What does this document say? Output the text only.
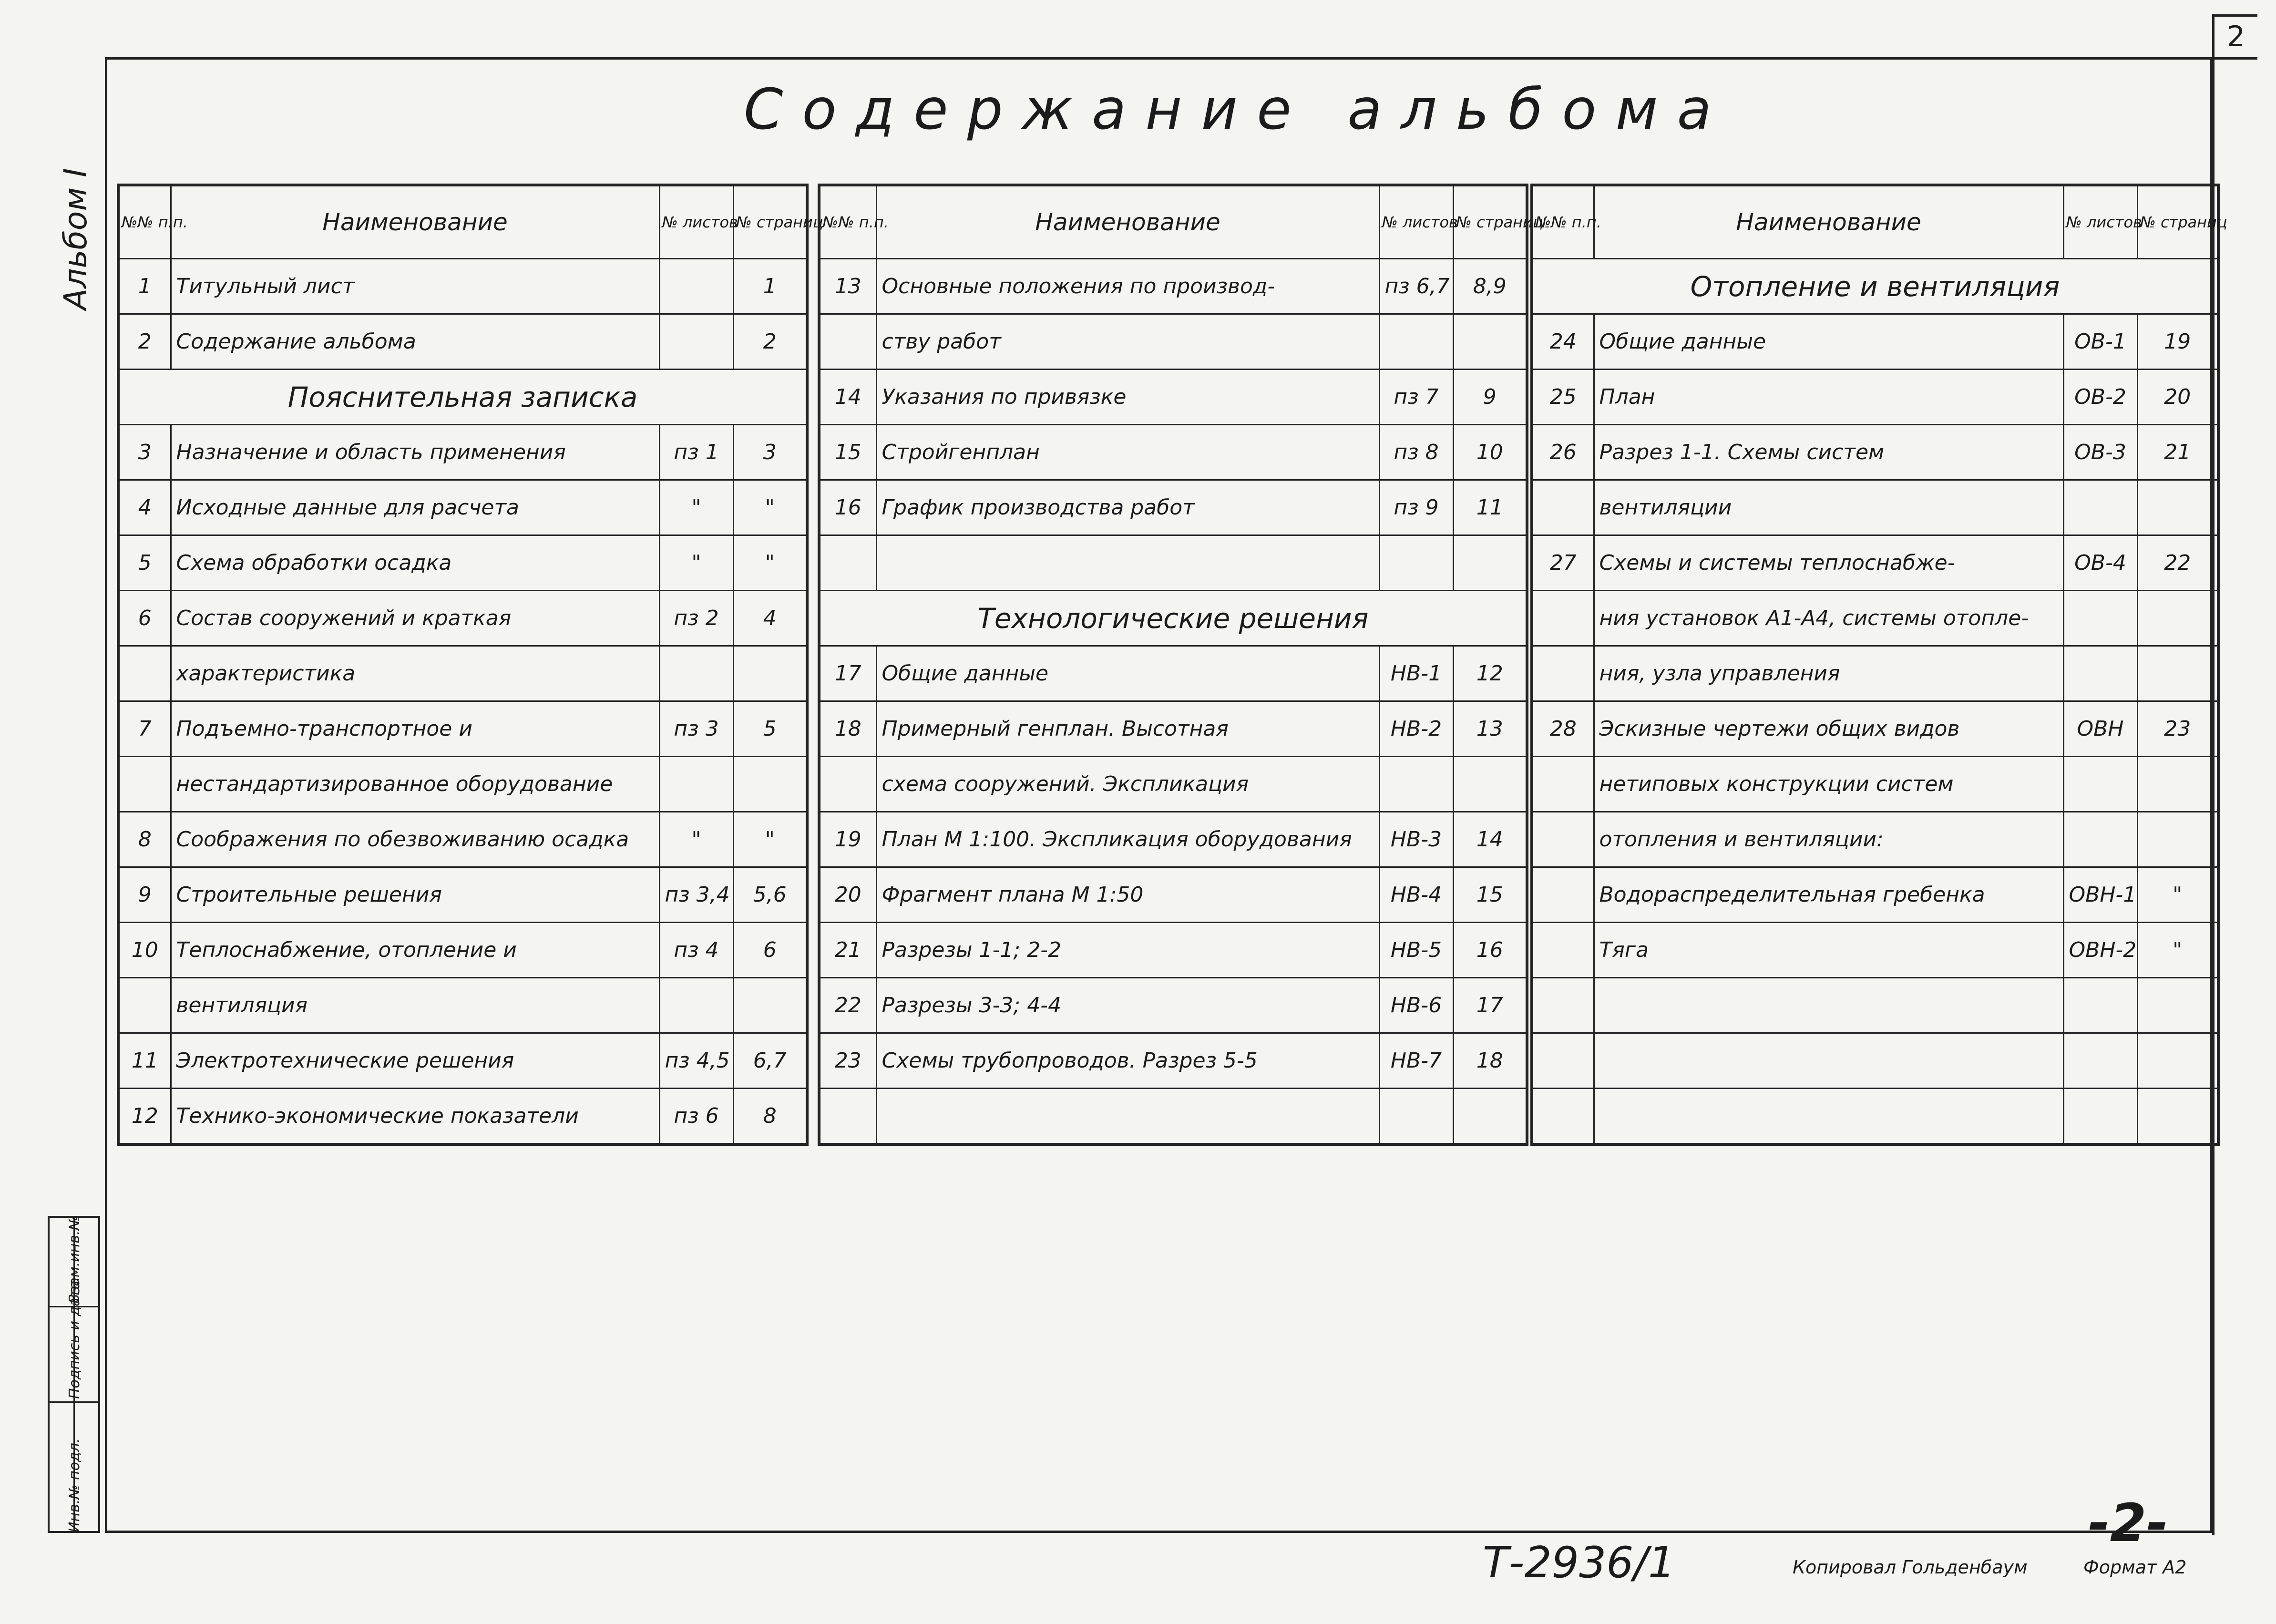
2
Содержание альбома
Альбом I
Взам.инв.№
Подпись и дата
Инв.№ подл.
№№ п.п.	Наименование	№ листов	№ страниц
1	Титульный лист		1
2	Содержание альбома		2
Пояснительная записка			
3	Назначение и область применения	пз 1	3
4	Исходные данные для расчета	"	"
5	Схема обработки осадка	"	"
6	Состав сооружений и краткая	пз 2	4
	характеристика		
7	Подъемно-транспортное и	пз 3	5
	нестандартизированное оборудование		
8	Соображения по обезвоживанию осадка	"	"
9	Строительные решения	пз 3,4	5,6
10	Теплоснабжение, отопление и	пз 4	6
	вентиляция		
11	Электротехнические решения	пз 4,5	6,7
12	Технико-экономические показатели	пз 6	8
№№ п.п.	Наименование	№ листов	№ страниц
13	Основные положения по производ-	пз 6,7	8,9
	ству работ		
14	Указания по привязке	пз 7	9
15	Стройгенплан	пз 8	10
16	График производства работ	пз 9	11

Технологические решения			
17	Общие данные	НВ-1	12
18	Примерный генплан. Высотная	НВ-2	13
	схема сооружений. Экспликация		
19	План М 1:100. Экспликация оборудования	НВ-3	14
20	Фрагмент плана М 1:50	НВ-4	15
21	Разрезы 1-1; 2-2	НВ-5	16
22	Разрезы 3-3; 4-4	НВ-6	17
23	Схемы трубопроводов. Разрез 5-5	НВ-7	18

№№ п.п.	Наименование	№ листов	№ страниц
Отопление и вентиляция			
24	Общие данные	ОВ-1	19
25	План	ОВ-2	20
26	Разрез 1-1. Схемы систем	ОВ-3	21
	вентиляции		
27	Схемы и системы теплоснабже-	ОВ-4	22
	ния установок А1-А4, системы отопле-		
	ния, узла управления		
28	Эскизные чертежи общих видов	ОВН	23
	нетиповых конструкции систем		
	отопления и вентиляции:		
	Водораспределительная гребенка	ОВН-1	"
	Тяга	ОВН-2	"

Т-2936/1
-2-
Копировал Гольденбаум	Формат А2
